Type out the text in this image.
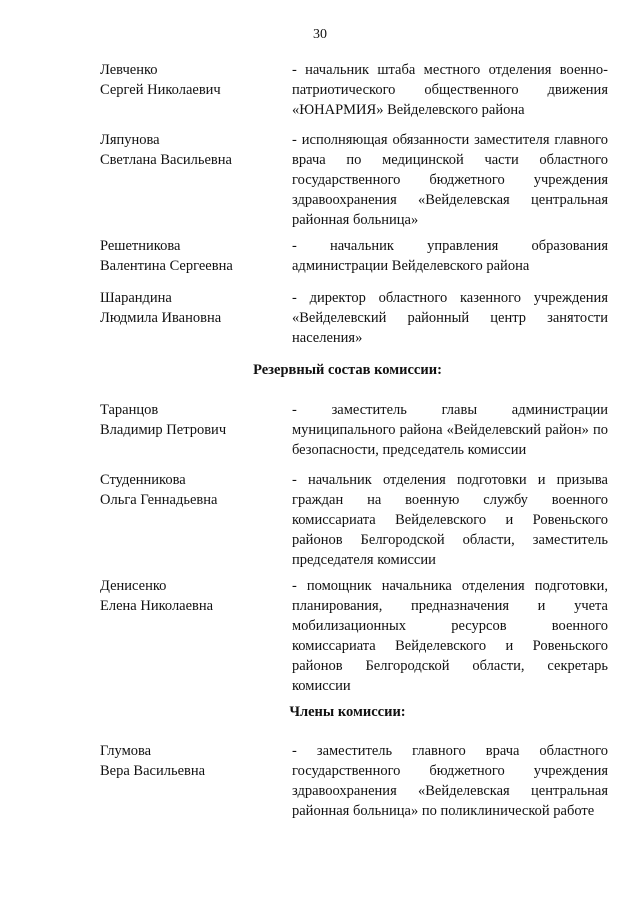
30
Левченко
Сергей Николаевич
- начальник штаба местного отделения военно-патриотического общественного движения «ЮНАРМИЯ» Вейделевского района
Ляпунова
Светлана Васильевна
- исполняющая обязанности заместителя главного врача по медицинской части областного государственного бюджетного учреждения здравоохранения «Вейделевская центральная районная больница»
Решетникова
Валентина Сергеевна
- начальник управления образования администрации Вейделевского района
Шарандина
Людмила Ивановна
- директор областного казенного учреждения «Вейделевский районный центр занятости населения»
Резервный состав комиссии:
Таранцов
Владимир Петрович
- заместитель главы администрации муниципального района «Вейделевский район» по безопасности, председатель комиссии
Студенникова
Ольга Геннадьевна
- начальник отделения подготовки и призыва граждан на военную службу военного комиссариата Вейделевского и Ровеньского районов Белгородской области, заместитель председателя комиссии
Денисенко
Елена Николаевна
- помощник начальника отделения подготовки, планирования, предназначения и учета мобилизационных ресурсов военного комиссариата Вейделевского и Ровеньского районов Белгородской области, секретарь комиссии
Члены комиссии:
Глумова
Вера Васильевна
- заместитель главного врача областного государственного бюджетного учреждения здравоохранения «Вейделевская центральная районная больница» по поликлинической работе
